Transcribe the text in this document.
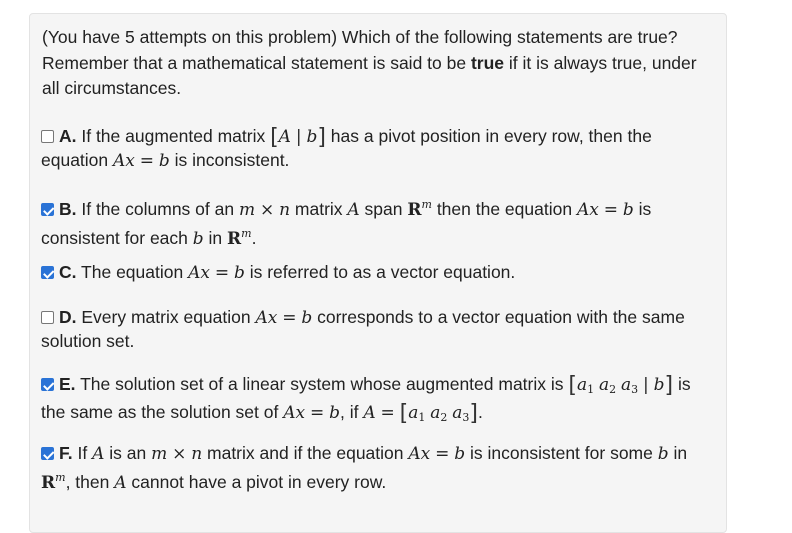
(You have 5 attempts on this problem) Which of the following statements are true? Remember that a mathematical statement is said to be true if it is always true, under all circumstances.
A. If the augmented matrix [A | b] has a pivot position in every row, then the equation Ax = b is inconsistent.
B. If the columns of an m × n matrix A span $R^m$ then the equation Ax = b is consistent for each b in $R^m$.
C. The equation Ax = b is referred to as a vector equation.
D. Every matrix equation Ax = b corresponds to a vector equation with the same solution set.
E. The solution set of a linear system whose augmented matrix is [$a_1$ $a_2$ $a_3$ | b] is the same as the solution set of Ax = b, if $A = [a_1$ $a_2$ $a_3$].
F. If A is an m × n matrix and if the equation Ax = b is inconsistent for some b in $R^m$, then A cannot have a pivot in every row.
